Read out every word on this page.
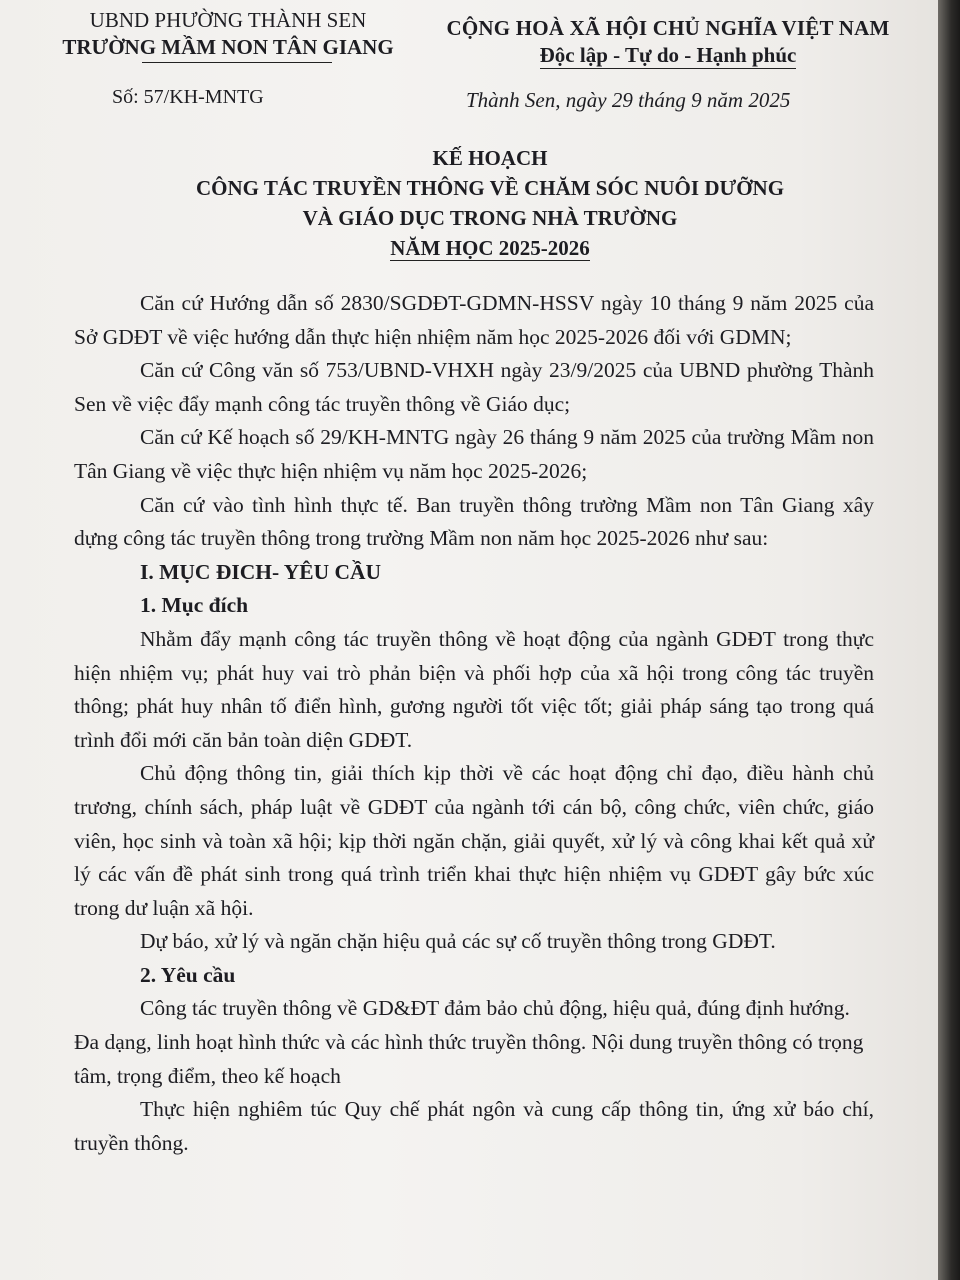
UBND PHƯỜNG THÀNH SEN
TRƯỜNG MẦM NON TÂN GIANG
CỘNG HOÀ XÃ HỘI CHỦ NGHĨA VIỆT NAM
Độc lập - Tự do - Hạnh phúc
Số: 57/KH-MNTG	Thành Sen, ngày 29 tháng 9 năm 2025
KẾ HOẠCH
CÔNG TÁC TRUYỀN THÔNG VỀ CHĂM SÓC NUÔI DƯỠNG
VÀ GIÁO DỤC TRONG NHÀ TRƯỜNG
NĂM HỌC 2025-2026

Căn cứ Hướng dẫn số 2830/SGDĐT-GDMN-HSSV ngày 10 tháng 9 năm 2025 của Sở GDĐT về việc hướng dẫn thực hiện nhiệm năm học 2025-2026 đối với GDMN;

Căn cứ Công văn số 753/UBND-VHXH ngày 23/9/2025 của UBND phường Thành Sen về việc đẩy mạnh công tác truyền thông về Giáo dục;

Căn cứ Kế hoạch số 29/KH-MNTG ngày 26 tháng 9 năm 2025 của trường Mầm non Tân Giang về việc thực hiện nhiệm vụ năm học 2025-2026;

Căn cứ vào tình hình thực tế. Ban truyền thông trường Mầm non Tân Giang xây dựng công tác truyền thông trong trường Mầm non năm học 2025-2026 như sau:

I. MỤC ĐICH- YÊU CẦU
1. Mục đích

Nhằm đẩy mạnh công tác truyền thông về hoạt động của ngành GDĐT trong thực hiện nhiệm vụ; phát huy vai trò phản biện và phối hợp của xã hội trong công tác truyền thông; phát huy nhân tố điển hình, gương người tốt việc tốt; giải pháp sáng tạo trong quá trình đổi mới căn bản toàn diện GDĐT.

Chủ động thông tin, giải thích kịp thời về các hoạt động chỉ đạo, điều hành chủ trương, chính sách, pháp luật về GDĐT của ngành tới cán bộ, công chức, viên chức, giáo viên, học sinh và toàn xã hội; kịp thời ngăn chặn, giải quyết, xử lý và công khai kết quả xử lý các vấn đề phát sinh trong quá trình triển khai thực hiện nhiệm vụ GDĐT gây bức xúc trong dư luận xã hội.

Dự báo, xử lý và ngăn chặn hiệu quả các sự cố truyền thông trong GDĐT.

2. Yêu cầu

Công tác truyền thông về GD&ĐT đảm bảo chủ động, hiệu quả, đúng định hướng. Đa dạng, linh hoạt hình thức và các hình thức truyền thông. Nội dung truyền thông có trọng tâm, trọng điểm, theo kế hoạch

Thực hiện nghiêm túc Quy chế phát ngôn và cung cấp thông tin, ứng xử báo chí, truyền thông.
